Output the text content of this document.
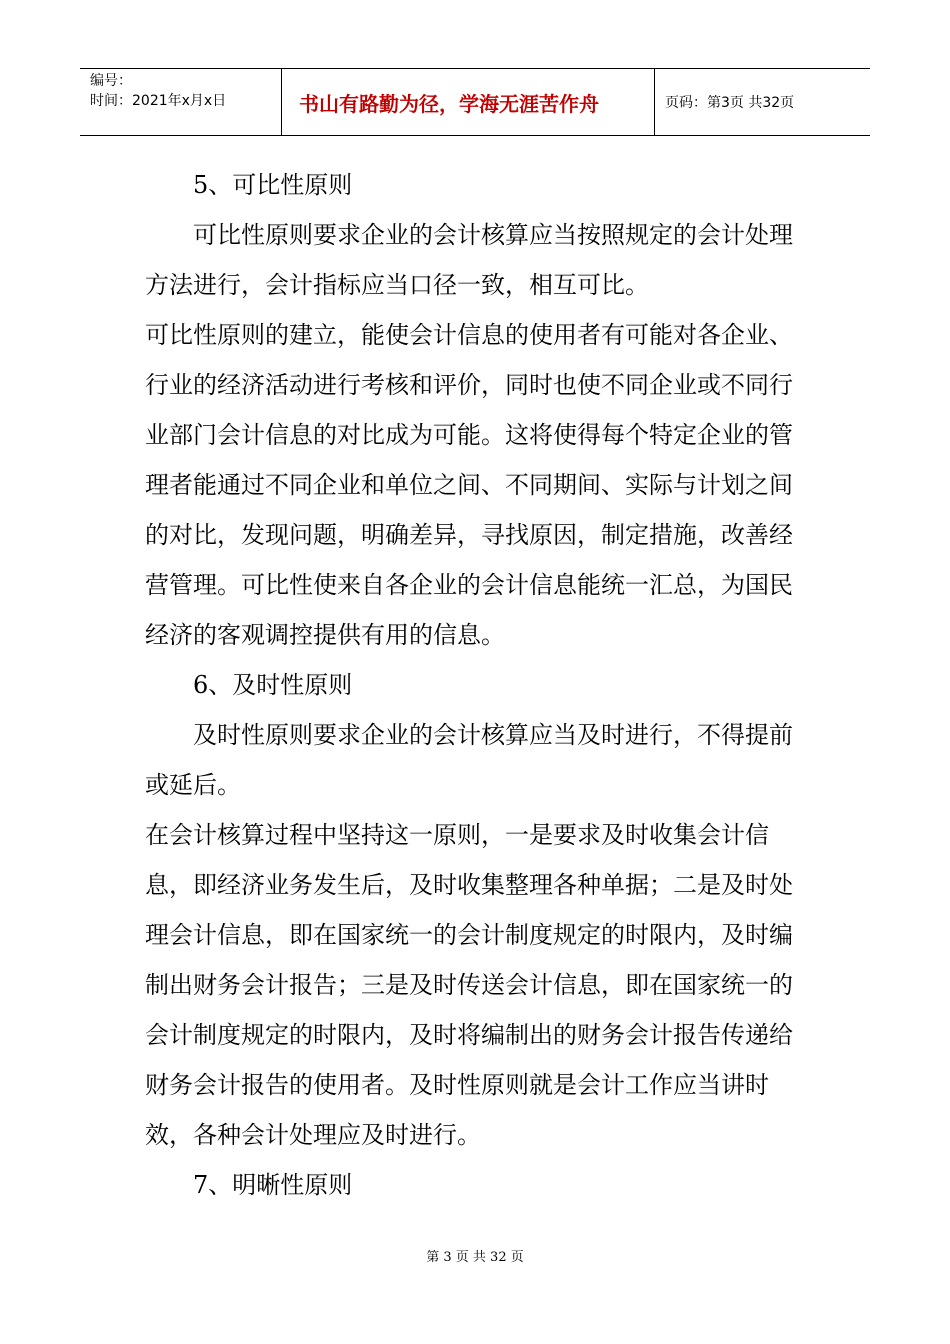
编号：
时间：2021年x月x日	书山有路勤为径，学海无涯苦作舟	页码：第3页 共32页

5、可比性原则

可比性原则要求企业的会计核算应当按照规定的会计处理方法进行，会计指标应当口径一致，相互可比。

可比性原则的建立，能使会计信息的使用者有可能对各企业、行业的经济活动进行考核和评价，同时也使不同企业或不同行业部门会计信息的对比成为可能。这将使得每个特定企业的管理者能通过不同企业和单位之间、不同期间、实际与计划之间的对比，发现问题，明确差异，寻找原因，制定措施，改善经营管理。可比性使来自各企业的会计信息能统一汇总，为国民经济的客观调控提供有用的信息。

6、及时性原则

及时性原则要求企业的会计核算应当及时进行，不得提前或延后。

在会计核算过程中坚持这一原则，一是要求及时收集会计信息，即经济业务发生后，及时收集整理各种单据；二是及时处理会计信息，即在国家统一的会计制度规定的时限内，及时编制出财务会计报告；三是及时传送会计信息，即在国家统一的会计制度规定的时限内，及时将编制出的财务会计报告传递给财务会计报告的使用者。及时性原则就是会计工作应当讲时效，各种会计处理应及时进行。

7、明晰性原则

第 3 页 共 32 页
